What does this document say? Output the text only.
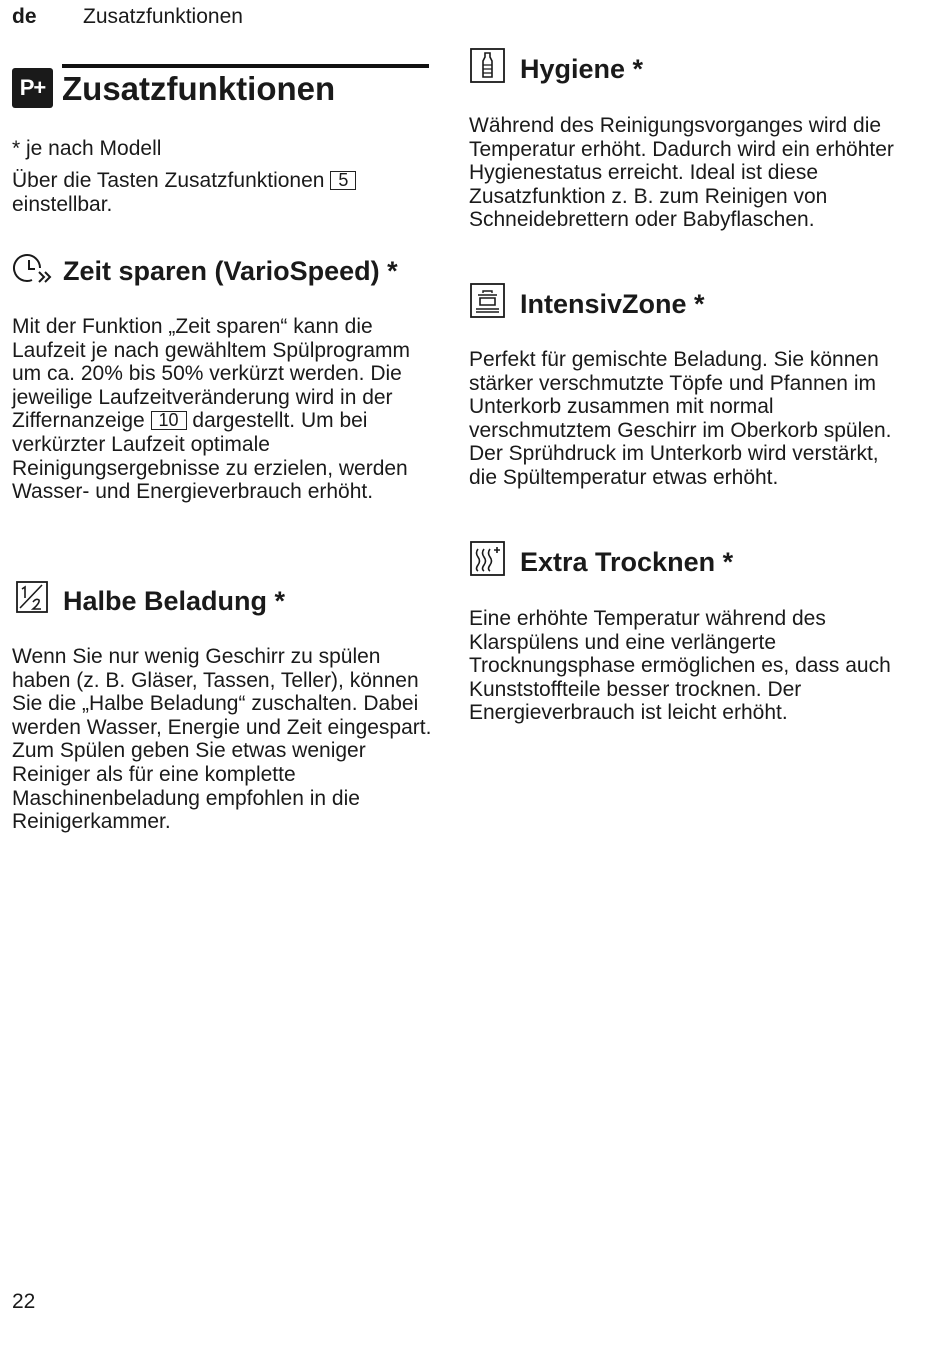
de Zusatzfunktionen
P+ Zusatzfunktionen

* je nach Modell

Über die Tasten Zusatzfunktionen 5
einstellbar.

Zeit sparen (VarioSpeed) *

Mit der Funktion „Zeit sparen“ kann die Laufzeit je nach gewähltem Spülprogramm um ca. 20% bis 50% verkürzt werden. Die jeweilige Laufzeitveränderung wird in der Ziffernanzeige 10 dargestellt. Um bei verkürzter Laufzeit optimale Reinigungsergebnisse zu erzielen, werden Wasser- und Energieverbrauch erhöht.

Halbe Beladung *

Wenn Sie nur wenig Geschirr zu spülen haben (z. B. Gläser, Tassen, Teller), können Sie die „Halbe Beladung“ zuschalten. Dabei werden Wasser, Energie und Zeit eingespart. Zum Spülen geben Sie etwas weniger Reiniger als für eine komplette Maschinenbeladung empfohlen in die Reinigerkammer.

Hygiene *

Während des Reinigungsvorganges wird die Temperatur erhöht. Dadurch wird ein erhöhter Hygienestatus erreicht. Ideal ist diese Zusatzfunktion z. B. zum Reinigen von Schneidebrettern oder Babyflaschen.

IntensivZone *

Perfekt für gemischte Beladung. Sie können stärker verschmutzte Töpfe und Pfannen im Unterkorb zusammen mit normal verschmutztem Geschirr im Oberkorb spülen. Der Sprühdruck im Unterkorb wird verstärkt, die Spültemperatur etwas erhöht.

Extra Trocknen *

Eine erhöhte Temperatur während des Klarspülens und eine verlängerte Trocknungsphase ermöglichen es, dass auch Kunststoffteile besser trocknen. Der Energieverbrauch ist leicht erhöht.

22
